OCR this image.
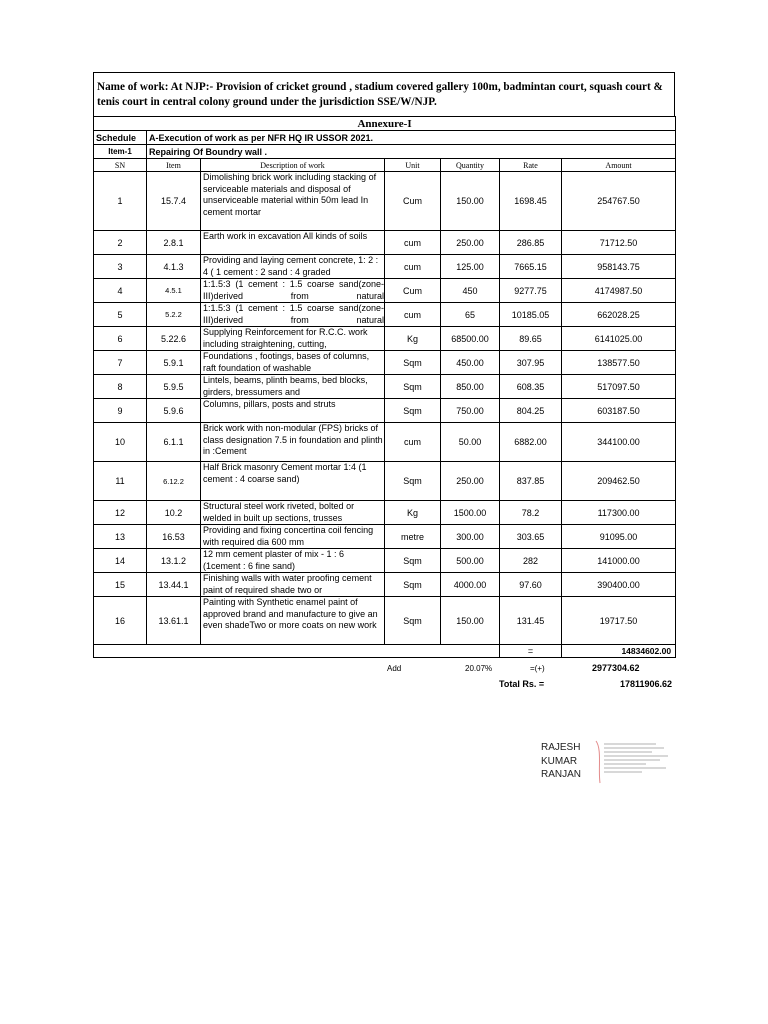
Name of work: At NJP:- Provision of cricket ground , stadium covered gallery 100m, badmintan court, squash court & tenis court in central colony ground under the jurisdiction SSE/W/NJP.
Annexure-I						
Schedule	A-Execution of work as per NFR HQ IR USSOR 2021.					
Item-1	Repairing Of Boundry wall .					
SN	Item	Description of work	Unit	Quantity	Rate	Amount
1	15.7.4	Dimolishing brick work including stacking of serviceable materials and disposal of unserviceable material within 50m lead In cement mortar	Cum	150.00	1698.45	254767.50
2	2.8.1	Earth work in excavation All kinds of soils	cum	250.00	286.85	71712.50
3	4.1.3	Providing and laying cement concrete, 1: 2 : 4 ( 1 cement : 2 sand : 4 graded	cum	125.00	7665.15	958143.75
4	4.5.1	1:1.5:3 (1 cement : 1.5 coarse sand(zone-III)derived from natural	Cum	450	9277.75	4174987.50
5	5.2.2	1:1.5:3 (1 cement : 1.5 coarse sand(zone-III)derived from natural	cum	65	10185.05	662028.25
6	5.22.6	Supplying Reinforcement for R.C.C. work including straightening, cutting,	Kg	68500.00	89.65	6141025.00
7	5.9.1	Foundations , footings, bases of columns, raft foundation of washable	Sqm	450.00	307.95	138577.50
8	5.9.5	Lintels, beams, plinth beams, bed blocks, girders, bressumers and	Sqm	850.00	608.35	517097.50
9	5.9.6	Columns, pillars, posts and struts	Sqm	750.00	804.25	603187.50
10	6.1.1	Brick work with non-modular (FPS) bricks of class designation 7.5 in foundation and plinth in :Cement	cum	50.00	6882.00	344100.00
11	6.12.2	Half Brick masonry Cement mortar 1:4 (1 cement : 4 coarse sand)	Sqm	250.00	837.85	209462.50
12	10.2	Structural steel work riveted, bolted or welded in built up sections, trusses	Kg	1500.00	78.2	117300.00
13	16.53	Providing and fixing concertina coil fencing with required dia 600 mm	metre	300.00	303.65	91095.00
14	13.1.2	12 mm cement plaster of mix - 1 : 6 (1cement : 6 fine sand)	Sqm	500.00	282	141000.00
15	13.44.1	Finishing walls with water proofing cement paint of required shade two or	Sqm	4000.00	97.60	390400.00
16	13.61.1	Painting with Synthetic enamel paint of approved brand and manufacture to give an even shadeTwo or more coats on new work	Sqm	150.00	131.45	19717.50
					=	14834602.00
Add	20.07%	=(+)	2977304.62
Total Rs. =	17811906.62
RAJESH
KUMAR
RANJAN
